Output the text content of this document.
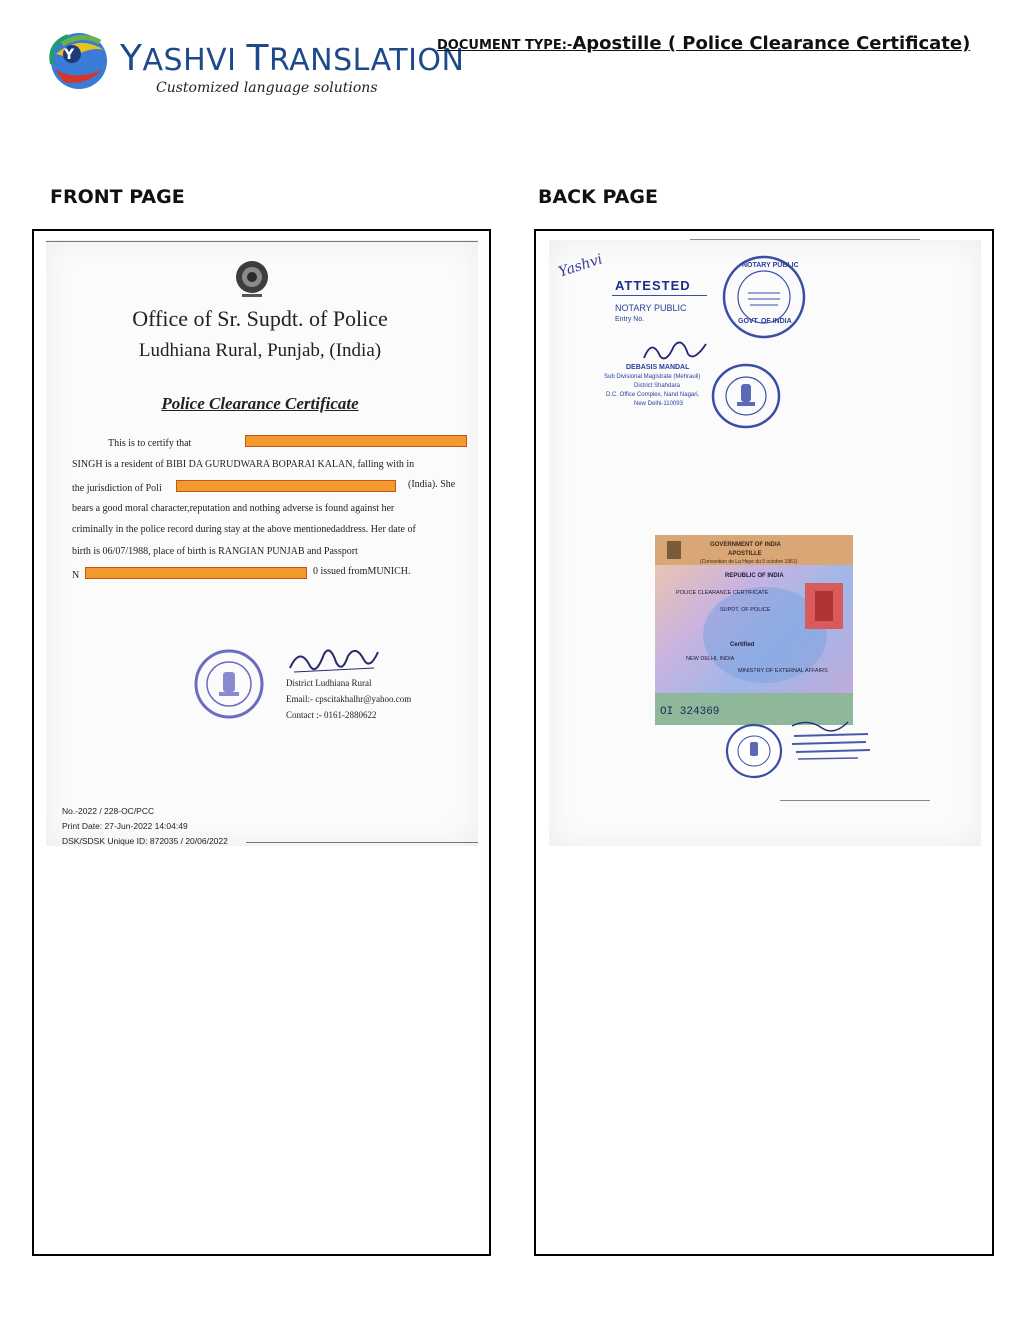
Y YASHVI TRANSLATION
Customized language solutions
DOCUMENT TYPE:-Apostille ( Police Clearance Certificate)
FRONT PAGE	BACK PAGE
Office of Sr. Supdt. of Police
Ludhiana Rural, Punjab, (India)
Police Clearance Certificate
This is to certify that
SINGH is a resident of BIBI DA GURUDWARA BOPARAI KALAN, falling with in
the jurisdiction of Poli	(India). She
bears a good moral character,reputation and nothing adverse is found against her
criminally in the police record during stay at the above mentionedaddress. Her date of
birth is 06/07/1988, place of birth is RANGIAN PUNJAB and Passport
N	0 issued fromMUNICH.
District Ludhiana Rural
Email:- cpscitakhalhr@yahoo.com
Contact :- 0161-2880622
No.-2022 / 228-OC/PCC
Print Date: 27-Jun-2022 14:04:49
DSK/SDSK Unique ID: 872035 / 20/06/2022
Yashvi
ATTESTED
NOTARY PUBLIC
Entry No.
NOTARY PUBLIC
GOVT. OF INDIA
DEBASIS MANDAL
Sub Divisional Magistrate (Mehrauli)
District Shahdara
D.C. Office Complex, Nand Nagari,
New Delhi-110093
GOVERNMENT OF INDIA
APOSTILLE
(Convention de La Haye du 5 octobre 1961)
REPUBLIC OF INDIA
POLICE CLEARANCE CERTIFICATE
SUPDT. OF POLICE
Certified
NEW DELHI, INDIA
MINISTRY OF EXTERNAL AFFAIRS
OI 324369
